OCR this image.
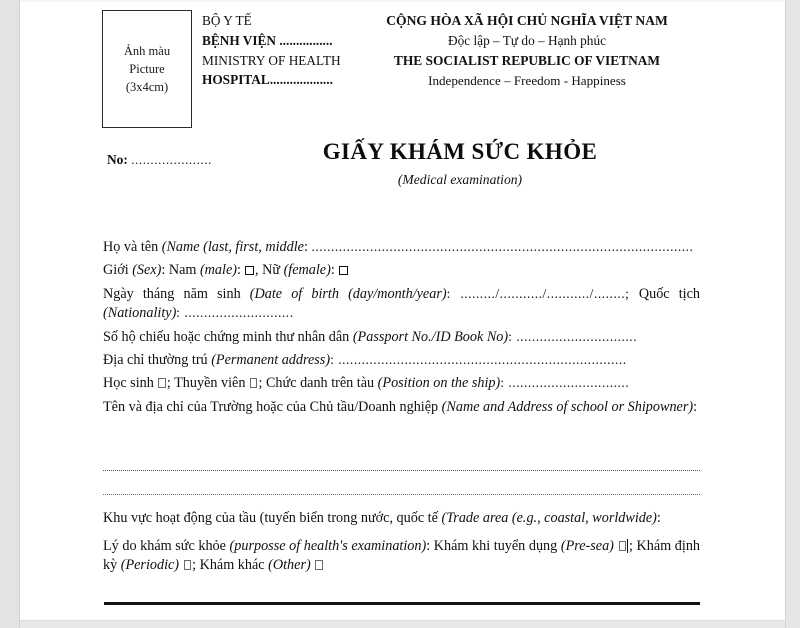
Ảnh màu
Picture
(3x4cm)
BỘ Y TẾ
BỆNH VIỆN ................
MINISTRY OF HEALTH
HOSPITAL...................
CỘNG HÒA XÃ HỘI CHỦ NGHĨA VIỆT NAM
Độc lập – Tự do – Hạnh phúc
THE SOCIALIST REPUBLIC OF VIETNAM
Independence – Freedom - Happiness
No: .....................	GIẤY KHÁM SỨC KHỎE
(Medical examination)
Họ và tên (Name (last, first, middle: ..................................................................................................
Giới (Sex): Nam (male): , Nữ (female):
Ngày tháng năm sinh (Date of birth (day/month/year): ........./.........../.........../........; Quốc tịch (Nationality): ............................
Số hộ chiếu hoặc chứng minh thư nhân dân (Passport No./ID Book No): ...............................
Địa chỉ thường trú (Permanent address): ..........................................................................
Học sinh ; Thuyền viên ; Chức danh trên tàu (Position on the ship): ...............................
Tên và địa chỉ của Trường hoặc của Chủ tầu/Doanh nghiệp (Name and Address of school or Shipowner):
Khu vực hoạt động của tầu (tuyến biển trong nước, quốc tế (Trade area (e.g., coastal, worldwide):
Lý do khám sức khỏe (purposse of health's examination): Khám khi tuyển dụng (Pre-sea) ; Khám định kỳ (Periodic) ; Khám khác (Other)
